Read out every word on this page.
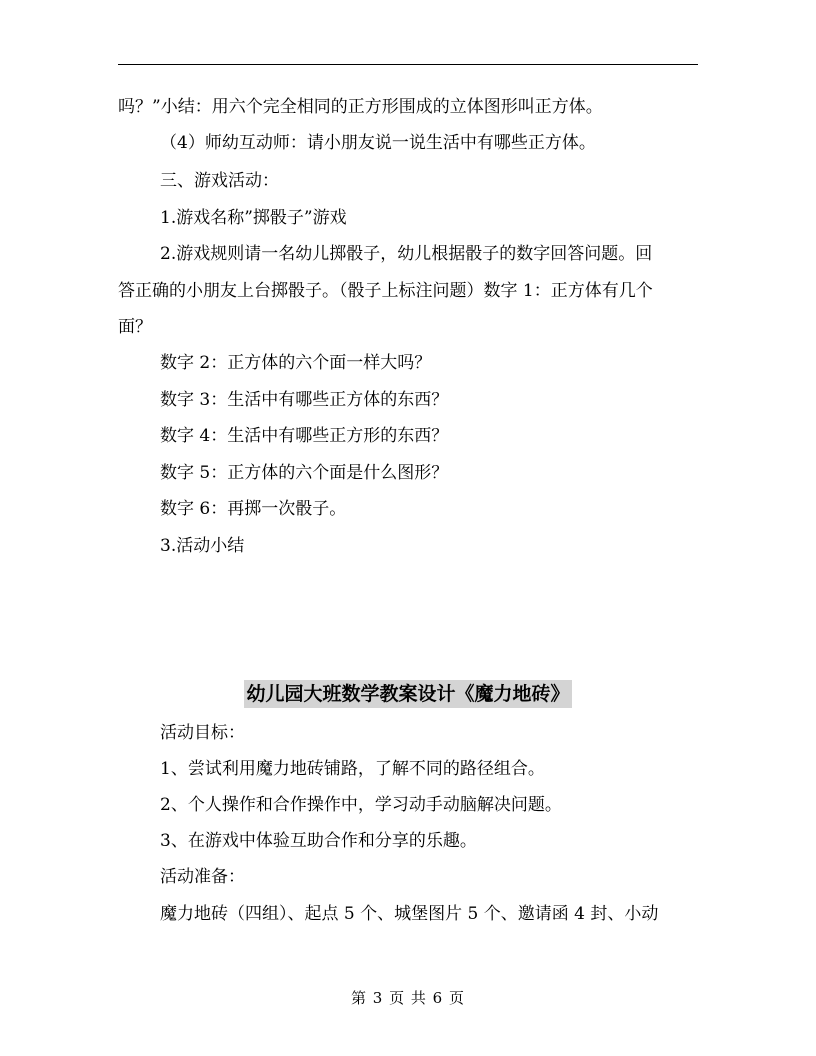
吗？”小结：用六个完全相同的正方形围成的立体图形叫正方体。
（4）师幼互动师：请小朋友说一说生活中有哪些正方体。
三、游戏活动：
1.游戏名称”掷骰子”游戏
2.游戏规则请一名幼儿掷骰子，幼儿根据骰子的数字回答问题。回
答正确的小朋友上台掷骰子。（骰子上标注问题）数字 1：正方体有几个
面？
数字 2：正方体的六个面一样大吗？
数字 3：生活中有哪些正方体的东西？
数字 4：生活中有哪些正方形的东西？
数字 5：正方体的六个面是什么图形？
数字 6：再掷一次骰子。
3.活动小结
幼儿园大班数学教案设计《魔力地砖》
活动目标：
1、尝试利用魔力地砖铺路，了解不同的路径组合。
2、个人操作和合作操作中，学习动手动脑解决问题。
3、在游戏中体验互助合作和分享的乐趣。
活动准备：
魔力地砖（四组）、起点 5 个、城堡图片 5 个、邀请函 4 封、小动
第 3 页 共 6 页
